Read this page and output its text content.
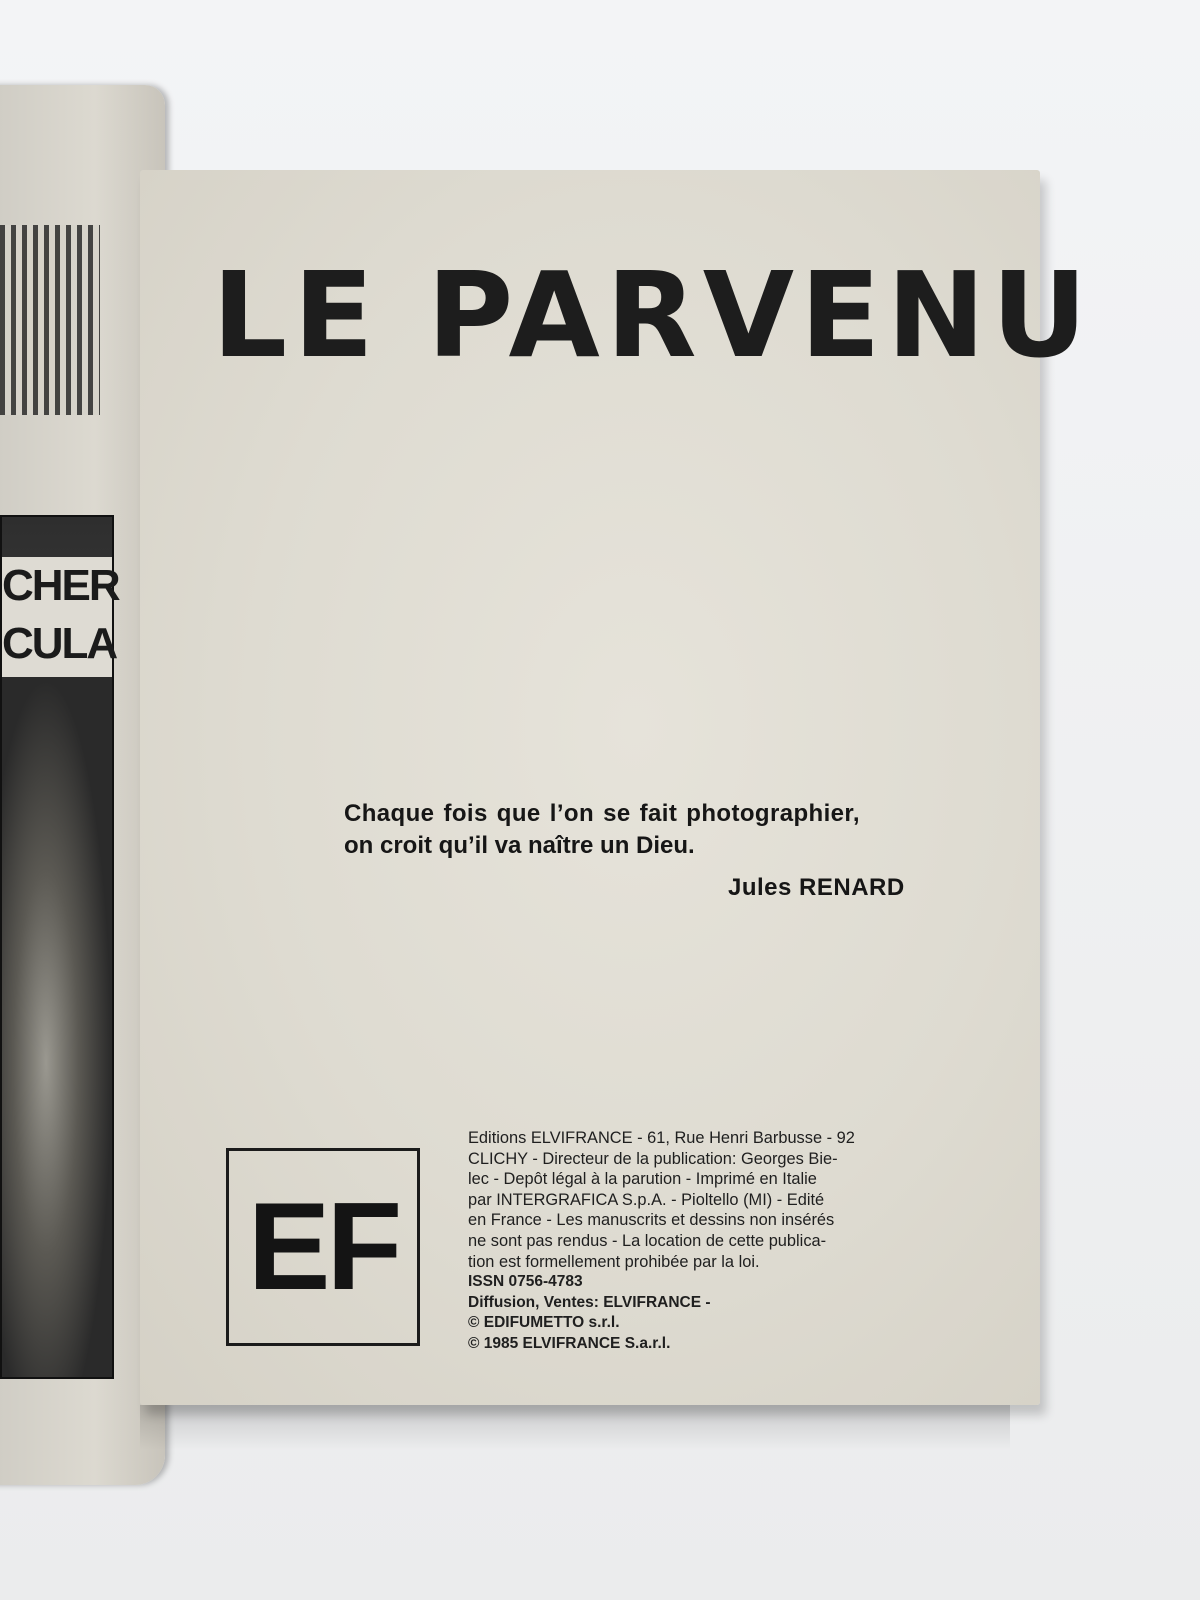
CHER
CULA
LE PARVENU
Chaque fois que l’on se fait photographier,
on croit qu’il va naître un Dieu.
Jules RENARD
EF
Editions ELVIFRANCE - 61, Rue Henri Barbusse - 92
CLICHY - Directeur de la publication: Georges Bie-
lec - Depôt légal à la parution - Imprimé en Italie
par INTERGRAFICA S.p.A. - Pioltello (MI) - Edité
en France - Les manuscrits et dessins non insérés
ne sont pas rendus - La location de cette publica-
tion est formellement prohibée par la loi.
ISSN 0756-4783
Diffusion, Ventes: ELVIFRANCE -
© EDIFUMETTO s.r.l.
© 1985 ELVIFRANCE S.a.r.l.
